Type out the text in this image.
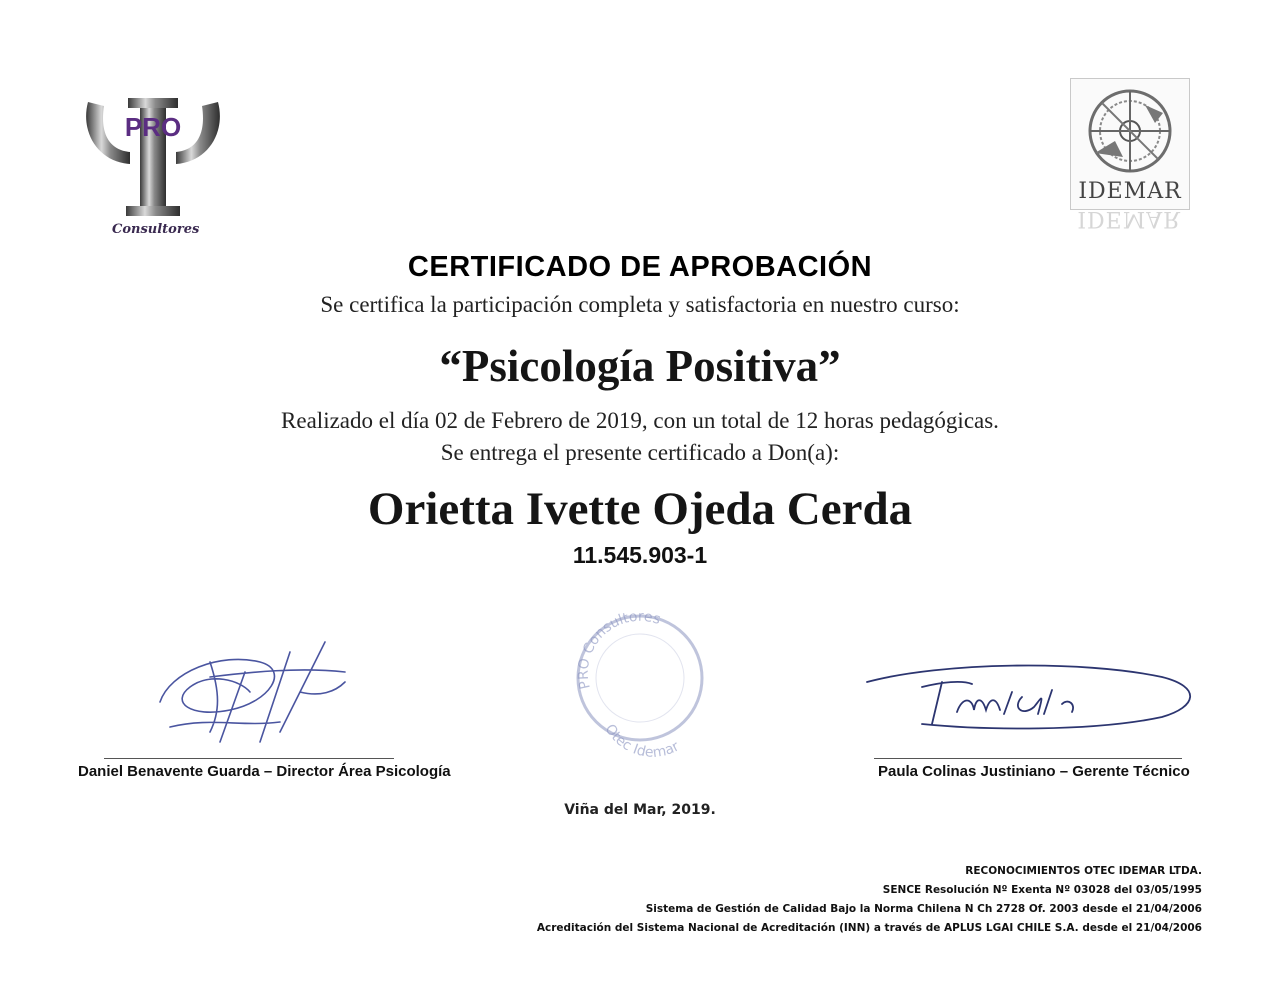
PRO
Consultores
IDEMAR
IDEMAR
CERTIFICADO DE APROBACIÓN
Se certifica la participación completa y satisfactoria en nuestro curso:
“Psicología Positiva”
Realizado el día 02 de Febrero de 2019, con un total de 12 horas pedagógicas.
Se entrega el presente certificado a Don(a):
Orietta Ivette Ojeda Cerda
11.545.903-1
Daniel Benavente Guarda – Director Área Psicología
PRO Consultores
Otec Idemar
Paula Colinas Justiniano – Gerente Técnico
Viña del Mar, 2019.
RECONOCIMIENTOS OTEC IDEMAR LTDA.
SENCE Resolución Nº Exenta Nº 03028 del 03/05/1995
Sistema de Gestión de Calidad Bajo la Norma Chilena N Ch 2728 Of. 2003 desde el 21/04/2006
Acreditación del Sistema Nacional de Acreditación (INN) a través de APLUS LGAI CHILE S.A. desde el 21/04/2006
